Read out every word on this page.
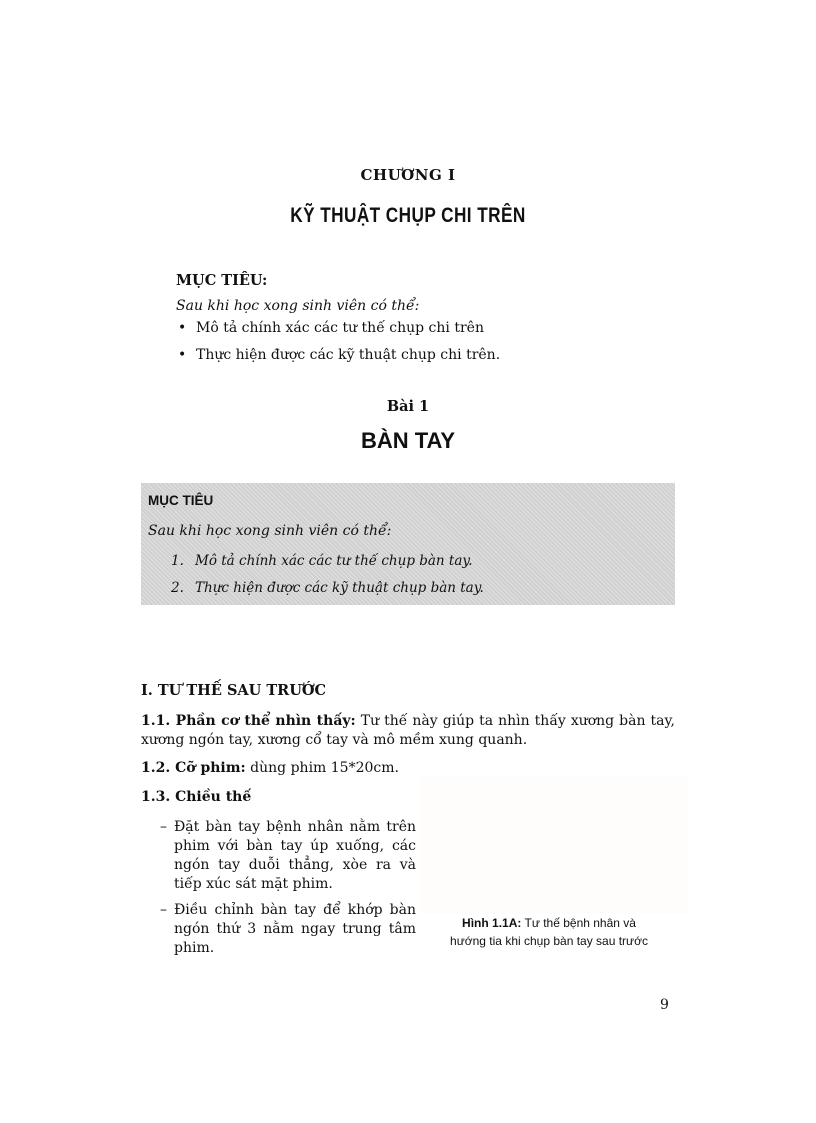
CHƯƠNG I
KỸ THUẬT CHỤP CHI TRÊN
MỤC TIÊU:
Sau khi học xong sinh viên có thể:
• Mô tả chính xác các tư thế chụp chi trên
• Thực hiện được các kỹ thuật chụp chi trên.
Bài 1
BÀN TAY
MỤC TIÊU
Sau khi học xong sinh viên có thể:
1. Mô tả chính xác các tư thế chụp bàn tay.
2. Thực hiện được các kỹ thuật chụp bàn tay.
I. TƯ THẾ SAU TRƯỚC
1.1. Phần cơ thể nhìn thấy: Tư thế này giúp ta nhìn thấy xương bàn tay, xương ngón tay, xương cổ tay và mô mềm xung quanh.
1.2. Cỡ phim: dùng phim 15*20cm.
1.3. Chiều thế
– Đặt bàn tay bệnh nhân nằm trên phim với bàn tay úp xuống, các ngón tay duỗi thẳng, xòe ra và tiếp xúc sát mặt phim.
– Điều chỉnh bàn tay để khớp bàn ngón thứ 3 nằm ngay trung tâm phim.
Hình 1.1A: Tư thế bệnh nhân và
hướng tia khi chụp bàn tay sau trước
9
